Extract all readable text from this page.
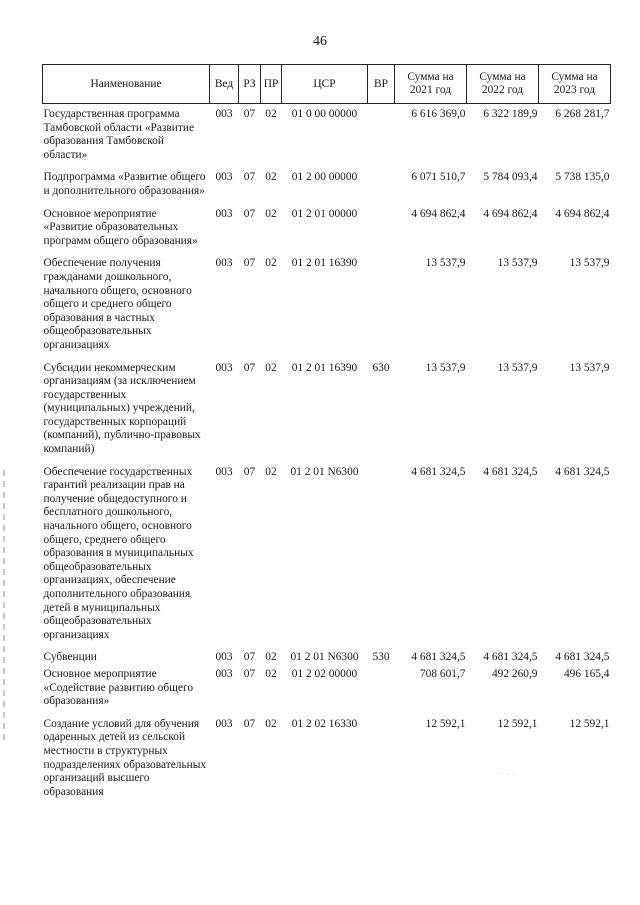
46
Наименование	Вед	РЗ	ПР	ЦСР	ВР	Сумма на 2021 год	Сумма на 2022 год	Сумма на 2023 год

Государственная программа Тамбовской области «Развитие образования Тамбовской области»	003	07	02	01 0 00 00000		6 616 369,0	6 322 189,9	6 268 281,7
Подпрограмма «Развитие общего и дополнительного образования»	003	07	02	01 2 00 00000		6 071 510,7	5 784 093,4	5 738 135,0
Основное мероприятие «Развитие образовательных программ общего образования»	003	07	02	01 2 01 00000		4 694 862,4	4 694 862,4	4 694 862,4
Обеспечение получения гражданами дошкольного, начального общего, основного общего и среднего общего образования в частных общеобразовательных организациях	003	07	02	01 2 01 16390		13 537,9	13 537,9	13 537,9
Субсидии некоммерческим организациям (за исключением государственных (муниципальных) учреждений, государственных корпораций (компаний), публично-правовых компаний)	003	07	02	01 2 01 16390	630	13 537,9	13 537,9	13 537,9
Обеспечение государственных гарантий реализации прав на получение общедоступного и бесплатного дошкольного, начального общего, основного общего, среднего общего образования в муниципальных общеобразовательных организациях, обеспечение дополнительного образования детей в муниципальных общеобразовательных организациях	003	07	02	01 2 01 N6300		4 681 324,5	4 681 324,5	4 681 324,5
Субвенции	003	07	02	01 2 01 N6300	530	4 681 324,5	4 681 324,5	4 681 324,5
Основное мероприятие «Содействие развитию общего образования»	003	07	02	01 2 02 00000		708 601,7	492 260,9	496 165,4
Создание условий для обучения одаренных детей из сельской местности в структурных подразделениях образовательных организаций высшего образования	003	07	02	01 2 02 16330		12 592,1	12 592,1	12 592,1
· · ·
